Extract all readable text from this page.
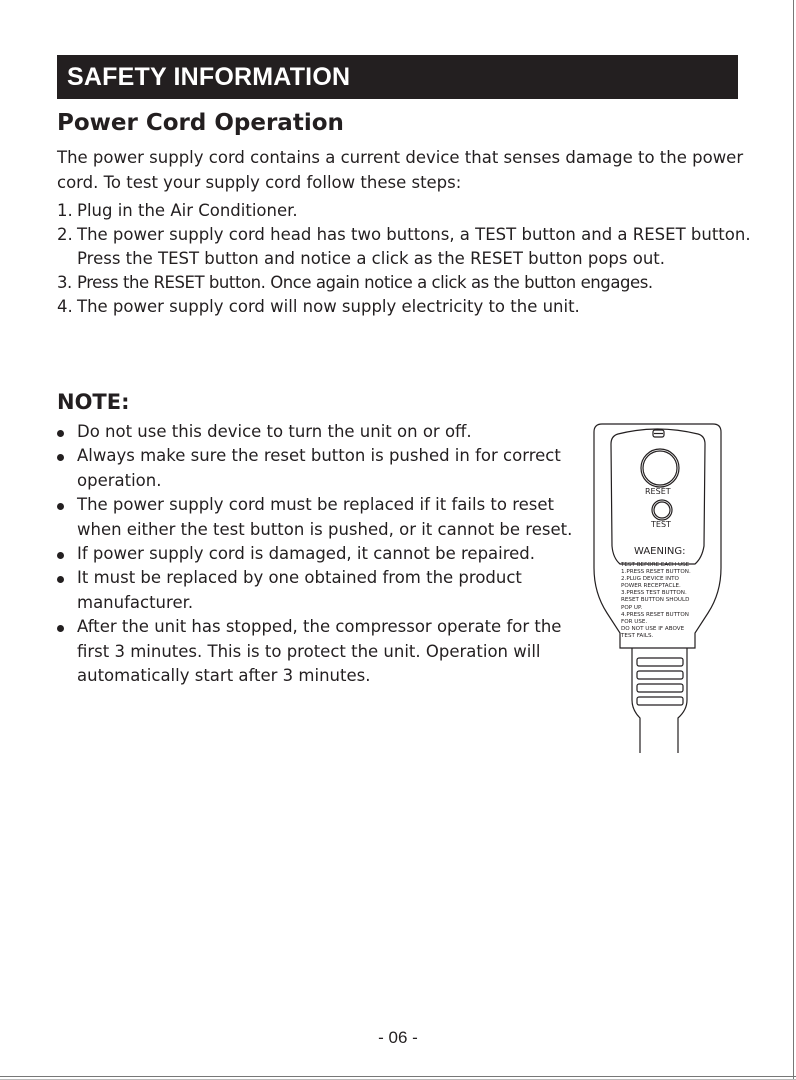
SAFETY INFORMATION
Power Cord Operation

The power supply cord contains a current device that senses damage to the power cord. To test your supply cord follow these steps:

1. Plug in the Air Conditioner.
2. The power supply cord head has two buttons, a TEST button and a RESET button. Press the TEST button and notice a click as the RESET button pops out.
3. Press the RESET button. Once again notice a click as the button engages.
4. The power supply cord will now supply electricity to the unit.
NOTE:
Do not use this device to turn the unit on or off.
Always make sure the reset button is pushed in for correct operation.
The power supply cord must be replaced if it fails to reset when either the test button is pushed, or it cannot be reset.
If power supply cord is damaged, it cannot be repaired.
It must be replaced by one obtained from the product manufacturer.
After the unit has stopped, the compressor operate for the first 3 minutes. This is to protect the unit. Operation will automatically start after 3 minutes.
RESET
TEST
WAENING:
TEST BEFORE EACH USE
1.PRESS RESET BUTTON.
2.PLUG DEVICE INTO
POWER RECEPTACLE.
3.PRESS TEST BUTTON.
RESET BUTTON SHOULD
POP UP.
4.PRESS RESET BUTTON
FOR USE.
DO NOT USE IF ABOVE
TEST FAILS.
- 06 -
